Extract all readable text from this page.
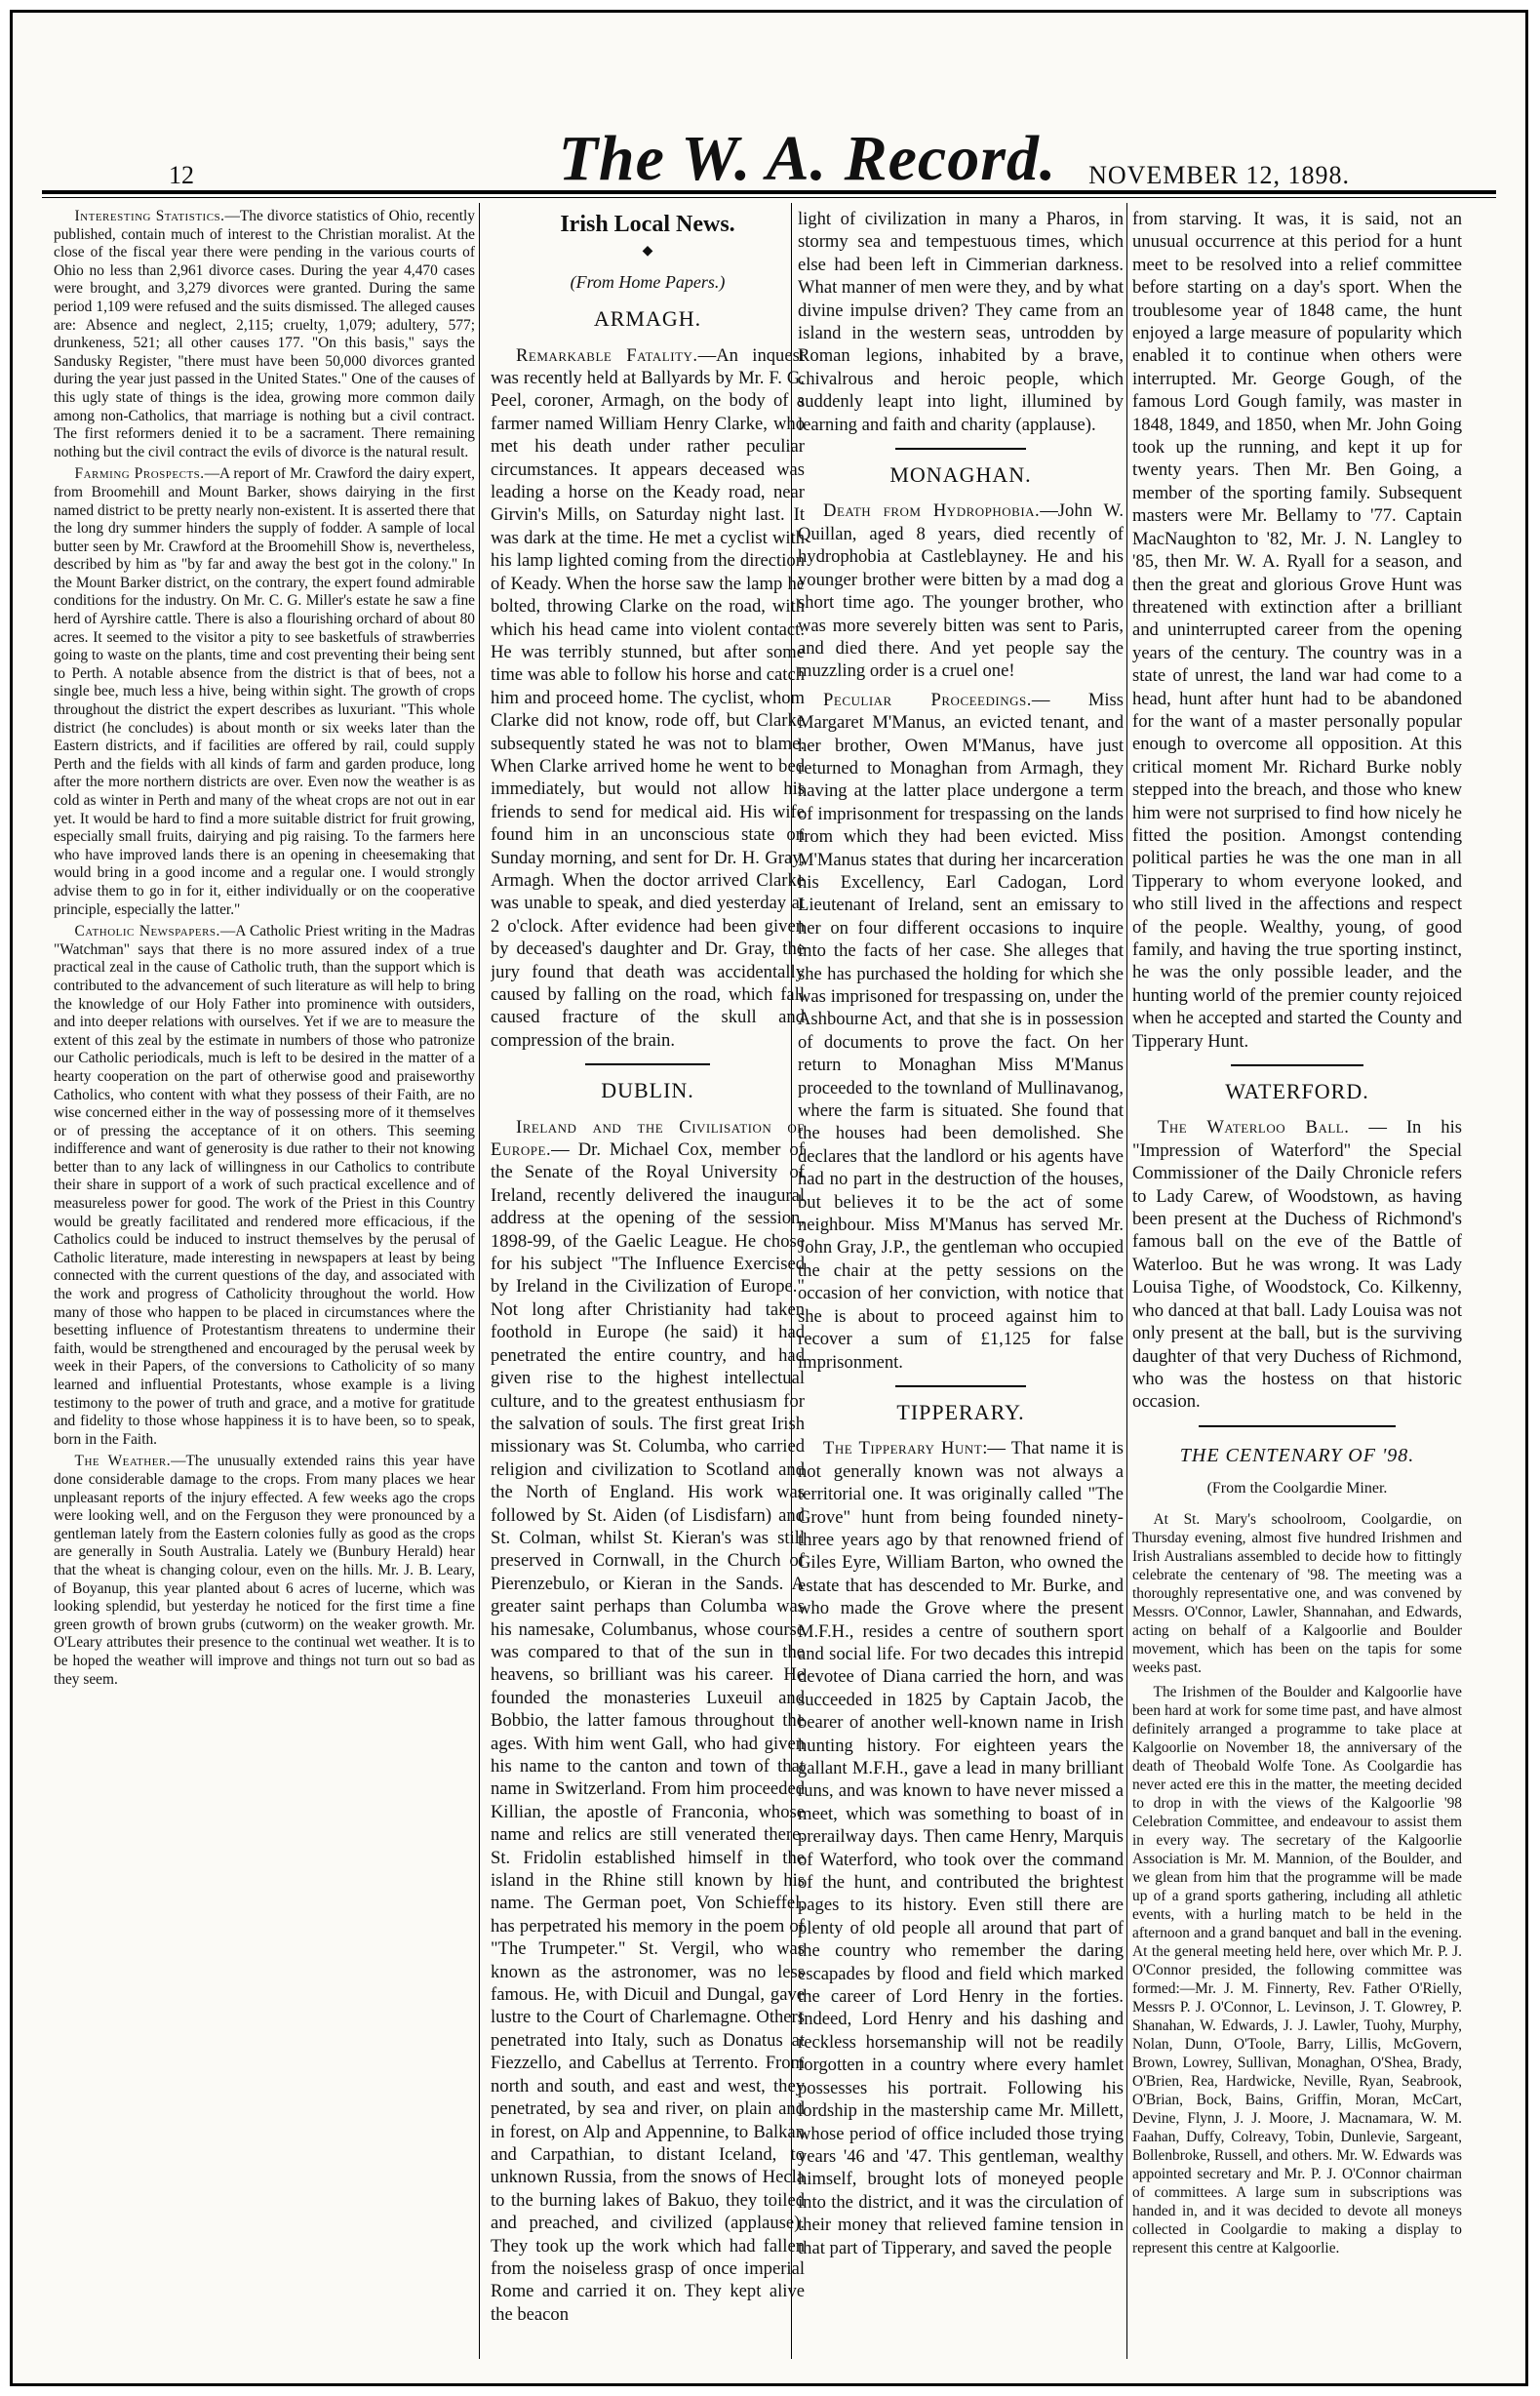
12	The W. A. Record. NOVEMBER 12, 1898.

Interesting Statistics.—The divorce statistics of Ohio, recently published, contain much of interest to the Christian moralist. At the close of the fiscal year there were pending in the various courts of Ohio no less than 2,961 divorce cases. During the year 4,470 cases were brought, and 3,279 divorces were granted. During the same period 1,109 were refused and the suits dismissed. The alleged causes are: Absence and neglect, 2,115; cruelty, 1,079; adultery, 577; drunkeness, 521; all other causes 177. "On this basis," says the Sandusky Register, "there must have been 50,000 divorces granted during the year just passed in the United States." One of the causes of this ugly state of things is the idea, growing more common daily among non-Catholics, that marriage is nothing but a civil contract. The first reformers denied it to be a sacrament. There remaining nothing but the civil contract the evils of divorce is the natural result.

Farming Prospects.—A report of Mr. Crawford the dairy expert, from Broomehill and Mount Barker, shows dairying in the first named district to be pretty nearly non-existent. It is asserted there that the long dry summer hinders the supply of fodder. A sample of local butter seen by Mr. Crawford at the Broomehill Show is, nevertheless, described by him as "by far and away the best got in the colony." In the Mount Barker district, on the contrary, the expert found admirable conditions for the industry. On Mr. C. G. Miller's estate he saw a fine herd of Ayrshire cattle. There is also a flourishing orchard of about 80 acres. It seemed to the visitor a pity to see basketfuls of strawberries going to waste on the plants, time and cost preventing their being sent to Perth. A notable absence from the district is that of bees, not a single bee, much less a hive, being within sight. The growth of crops throughout the district the expert describes as luxuriant. "This whole district (he concludes) is about month or six weeks later than the Eastern districts, and if facilities are offered by rail, could supply Perth and the fields with all kinds of farm and garden produce, long after the more northern districts are over. Even now the weather is as cold as winter in Perth and many of the wheat crops are not out in ear yet. It would be hard to find a more suitable district for fruit growing, especially small fruits, dairying and pig raising. To the farmers here who have improved lands there is an opening in cheesemaking that would bring in a good income and a regular one. I would strongly advise them to go in for it, either individually or on the cooperative principle, especially the latter."

Catholic Newspapers.—A Catholic Priest writing in the Madras "Watchman" says that there is no more assured index of a true practical zeal in the cause of Catholic truth, than the support which is contributed to the advancement of such literature as will help to bring the knowledge of our Holy Father into prominence with outsiders, and into deeper relations with ourselves. Yet if we are to measure the extent of this zeal by the estimate in numbers of those who patronize our Catholic periodicals, much is left to be desired in the matter of a hearty cooperation on the part of otherwise good and praiseworthy Catholics, who content with what they possess of their Faith, are no wise concerned either in the way of possessing more of it themselves or of pressing the acceptance of it on others. This seeming indifference and want of generosity is due rather to their not knowing better than to any lack of willingness in our Catholics to contribute their share in support of a work of such practical excellence and of measureless power for good. The work of the Priest in this Country would be greatly facilitated and rendered more efficacious, if the Catholics could be induced to instruct themselves by the perusal of Catholic literature, made interesting in newspapers at least by being connected with the current questions of the day, and associated with the work and progress of Catholicity throughout the world. How many of those who happen to be placed in circumstances where the besetting influence of Protestantism threatens to undermine their faith, would be strengthened and encouraged by the perusal week by week in their Papers, of the conversions to Catholicity of so many learned and influential Protestants, whose example is a living testimony to the power of truth and grace, and a motive for gratitude and fidelity to those whose happiness it is to have been, so to speak, born in the Faith.

The Weather.—The unusually extended rains this year have done considerable damage to the crops. From many places we hear unpleasant reports of the injury effected. A few weeks ago the crops were looking well, and on the Ferguson they were pronounced by a gentleman lately from the Eastern colonies fully as good as the crops are generally in South Australia. Lately we (Bunbury Herald) hear that the wheat is changing colour, even on the hills. Mr. J. B. Leary, of Boyanup, this year planted about 6 acres of lucerne, which was looking splendid, but yesterday he noticed for the first time a fine green growth of brown grubs (cutworm) on the weaker growth. Mr. O'Leary attributes their presence to the continual wet weather. It is to be hoped the weather will improve and things not turn out so bad as they seem.

Irish Local News.
◆
(From Home Papers.)
ARMAGH.

Remarkable Fatality.—An inquest was recently held at Ballyards by Mr. F. G. Peel, coroner, Armagh, on the body of a farmer named William Henry Clarke, who met his death under rather peculiar circumstances. It appears deceased was leading a horse on the Keady road, near Girvin's Mills, on Saturday night last. It was dark at the time. He met a cyclist with his lamp lighted coming from the direction of Keady. When the horse saw the lamp he bolted, throwing Clarke on the road, with which his head came into violent contact. He was terribly stunned, but after some time was able to follow his horse and catch him and proceed home. The cyclist, whom Clarke did not know, rode off, but Clarke subsequently stated he was not to blame. When Clarke arrived home he went to bed immediately, but would not allow his friends to send for medical aid. His wife found him in an unconscious state on Sunday morning, and sent for Dr. H. Gray, Armagh. When the doctor arrived Clarke was unable to speak, and died yesterday at 2 o'clock. After evidence had been given by deceased's daughter and Dr. Gray, the jury found that death was accidentally caused by falling on the road, which fall caused fracture of the skull and compression of the brain.

DUBLIN.

Ireland and the Civilisation of Europe.— Dr. Michael Cox, member of the Senate of the Royal University of Ireland, recently delivered the inaugural address at the opening of the session, 1898-99, of the Gaelic League. He chose for his subject "The Influence Exercised by Ireland in the Civilization of Europe." Not long after Christianity had taken foothold in Europe (he said) it had penetrated the entire country, and had given rise to the highest intellectual culture, and to the greatest enthusiasm for the salvation of souls. The first great Irish missionary was St. Columba, who carried religion and civilization to Scotland and the North of England. His work was followed by St. Aiden (of Lisdisfarn) and St. Colman, whilst St. Kieran's was still preserved in Cornwall, in the Church of Pierenzebulo, or Kieran in the Sands. A greater saint perhaps than Columba was his namesake, Columbanus, whose course was compared to that of the sun in the heavens, so brilliant was his career. He founded the monasteries Luxeuil and Bobbio, the latter famous throughout the ages. With him went Gall, who had given his name to the canton and town of that name in Switzerland. From him proceeded Killian, the apostle of Franconia, whose name and relics are still venerated there. St. Fridolin established himself in the island in the Rhine still known by his name. The German poet, Von Schieffel, has perpetrated his memory in the poem of "The Trumpeter." St. Vergil, who was known as the astronomer, was no less famous. He, with Dicuil and Dungal, gave lustre to the Court of Charlemagne. Others penetrated into Italy, such as Donatus at Fiezzello, and Cabellus at Terrento. From north and south, and east and west, they penetrated, by sea and river, on plain and in forest, on Alp and Appennine, to Balkan and Carpathian, to distant Iceland, to unknown Russia, from the snows of Hecla to the burning lakes of Bakuo, they toiled and preached, and civilized (applause). They took up the work which had fallen from the noiseless grasp of once imperial Rome and carried it on. They kept alive the beacon

light of civilization in many a Pharos, in stormy sea and tempestuous times, which else had been left in Cimmerian darkness. What manner of men were they, and by what divine impulse driven? They came from an island in the western seas, untrodden by Roman legions, inhabited by a brave, chivalrous and heroic people, which suddenly leapt into light, illumined by learning and faith and charity (applause).

MONAGHAN.

Death from Hydrophobia.—John W. Quillan, aged 8 years, died recently of hydrophobia at Castleblayney. He and his younger brother were bitten by a mad dog a short time ago. The younger brother, who was more severely bitten was sent to Paris, and died there. And yet people say the muzzling order is a cruel one!

Peculiar Proceedings.— Miss Margaret M'Manus, an evicted tenant, and her brother, Owen M'Manus, have just returned to Monaghan from Armagh, they having at the latter place undergone a term of imprisonment for trespassing on the lands from which they had been evicted. Miss M'Manus states that during her incarceration his Excellency, Earl Cadogan, Lord Lieutenant of Ireland, sent an emissary to her on four different occasions to inquire into the facts of her case. She alleges that she has purchased the holding for which she was imprisoned for trespassing on, under the Ashbourne Act, and that she is in possession of documents to prove the fact. On her return to Monaghan Miss M'Manus proceeded to the townland of Mullinavanog, where the farm is situated. She found that the houses had been demolished. She declares that the landlord or his agents have had no part in the destruction of the houses, but believes it to be the act of some neighbour. Miss M'Manus has served Mr. John Gray, J.P., the gentleman who occupied the chair at the petty sessions on the occasion of her conviction, with notice that she is about to proceed against him to recover a sum of £1,125 for false imprisonment.

TIPPERARY.

The Tipperary Hunt:— That name it is not generally known was not always a territorial one. It was originally called "The Grove" hunt from being founded ninety-three years ago by that renowned friend of Giles Eyre, William Barton, who owned the estate that has descended to Mr. Burke, and who made the Grove where the present M.F.H., resides a centre of southern sport and social life. For two decades this intrepid devotee of Diana carried the horn, and was succeeded in 1825 by Captain Jacob, the bearer of another well-known name in Irish hunting history. For eighteen years the gallant M.F.H., gave a lead in many brilliant runs, and was known to have never missed a meet, which was something to boast of in prerailway days. Then came Henry, Marquis of Waterford, who took over the command of the hunt, and contributed the brightest pages to its history. Even still there are plenty of old people all around that part of the country who remember the daring escapades by flood and field which marked the career of Lord Henry in the forties. Indeed, Lord Henry and his dashing and reckless horsemanship will not be readily forgotten in a country where every hamlet possesses his portrait. Following his lordship in the mastership came Mr. Millett, whose period of office included those trying years '46 and '47. This gentleman, wealthy himself, brought lots of moneyed people into the district, and it was the circulation of their money that relieved famine tension in that part of Tipperary, and saved the people

from starving. It was, it is said, not an unusual occurrence at this period for a hunt meet to be resolved into a relief committee before starting on a day's sport. When the troublesome year of 1848 came, the hunt enjoyed a large measure of popularity which enabled it to continue when others were interrupted. Mr. George Gough, of the famous Lord Gough family, was master in 1848, 1849, and 1850, when Mr. John Going took up the running, and kept it up for twenty years. Then Mr. Ben Going, a member of the sporting family. Subsequent masters were Mr. Bellamy to '77. Captain MacNaughton to '82, Mr. J. N. Langley to '85, then Mr. W. A. Ryall for a season, and then the great and glorious Grove Hunt was threatened with extinction after a brilliant and uninterrupted career from the opening years of the century. The country was in a state of unrest, the land war had come to a head, hunt after hunt had to be abandoned for the want of a master personally popular enough to overcome all opposition. At this critical moment Mr. Richard Burke nobly stepped into the breach, and those who knew him were not surprised to find how nicely he fitted the position. Amongst contending political parties he was the one man in all Tipperary to whom everyone looked, and who still lived in the affections and respect of the people. Wealthy, young, of good family, and having the true sporting instinct, he was the only possible leader, and the hunting world of the premier county rejoiced when he accepted and started the County and Tipperary Hunt.

WATERFORD.

The Waterloo Ball. — In his "Impression of Waterford" the Special Commissioner of the Daily Chronicle refers to Lady Carew, of Woodstown, as having been present at the Duchess of Richmond's famous ball on the eve of the Battle of Waterloo. But he was wrong. It was Lady Louisa Tighe, of Woodstock, Co. Kilkenny, who danced at that ball. Lady Louisa was not only present at the ball, but is the surviving daughter of that very Duchess of Richmond, who was the hostess on that historic occasion.

THE CENTENARY OF '98.
(From the Coolgardie Miner.

At St. Mary's schoolroom, Coolgardie, on Thursday evening, almost five hundred Irishmen and Irish Australians assembled to decide how to fittingly celebrate the centenary of '98. The meeting was a thoroughly representative one, and was convened by Messrs. O'Connor, Lawler, Shannahan, and Edwards, acting on behalf of a Kalgoorlie and Boulder movement, which has been on the tapis for some weeks past.

The Irishmen of the Boulder and Kalgoorlie have been hard at work for some time past, and have almost definitely arranged a programme to take place at Kalgoorlie on November 18, the anniversary of the death of Theobald Wolfe Tone. As Coolgardie has never acted ere this in the matter, the meeting decided to drop in with the views of the Kalgoorlie '98 Celebration Committee, and endeavour to assist them in every way. The secretary of the Kalgoorlie Association is Mr. M. Mannion, of the Boulder, and we glean from him that the programme will be made up of a grand sports gathering, including all athletic events, with a hurling match to be held in the afternoon and a grand banquet and ball in the evening. At the general meeting held here, over which Mr. P. J. O'Connor presided, the following committee was formed:—Mr. J. M. Finnerty, Rev. Father O'Rielly, Messrs P. J. O'Connor, L. Levinson, J. T. Glowrey, P. Shanahan, W. Edwards, J. J. Lawler, Tuohy, Murphy, Nolan, Dunn, O'Toole, Barry, Lillis, McGovern, Brown, Lowrey, Sullivan, Monaghan, O'Shea, Brady, O'Brien, Rea, Hardwicke, Neville, Ryan, Seabrook, O'Brian, Bock, Bains, Griffin, Moran, McCart, Devine, Flynn, J. J. Moore, J. Macnamara, W. M. Faahan, Duffy, Colreavy, Tobin, Dunlevie, Sargeant, Bollenbroke, Russell, and others. Mr. W. Edwards was appointed secretary and Mr. P. J. O'Connor chairman of committees. A large sum in subscriptions was handed in, and it was decided to devote all moneys collected in Coolgardie to making a display to represent this centre at Kalgoorlie.
